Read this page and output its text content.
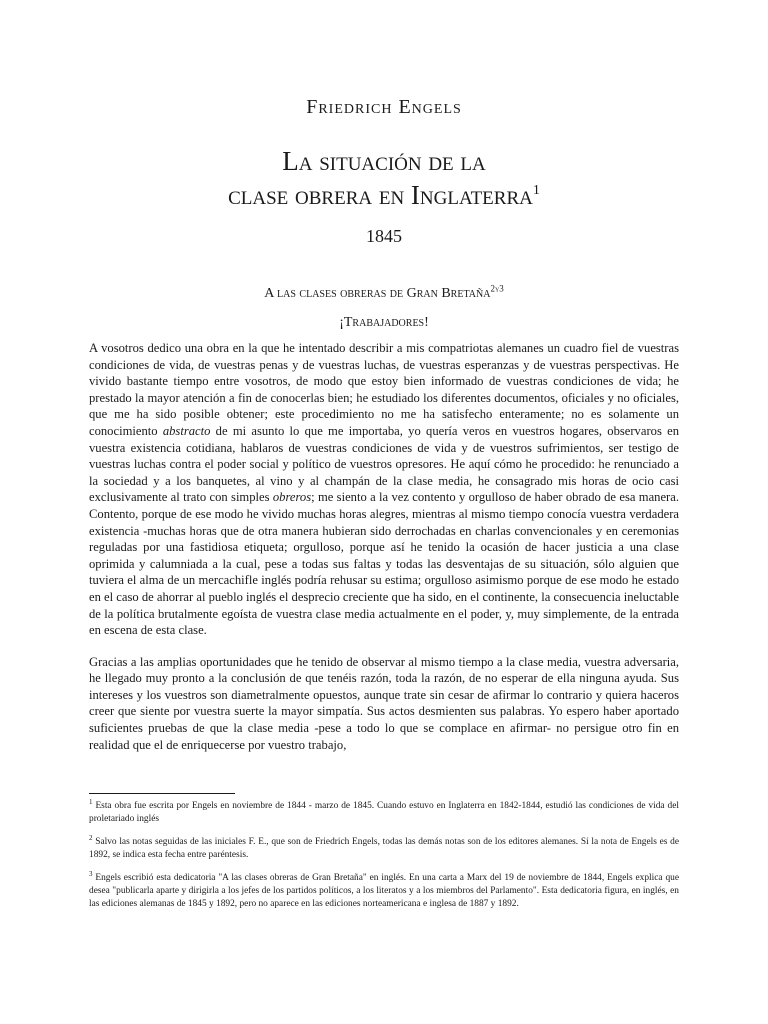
Friedrich Engels
La situación de la
clase obrera en Inglaterra$^1$
1845
A las clases obreras de Gran Bretaña$^{2y3}$
¡Trabajadores!

A vosotros dedico una obra en la que he intentado describir a mis compatriotas alemanes un cuadro fiel de vuestras condiciones de vida, de vuestras penas y de vuestras luchas, de vuestras esperanzas y de vuestras perspectivas. He vivido bastante tiempo entre vosotros, de modo que estoy bien informado de vuestras condiciones de vida; he prestado la mayor atención a fin de conocerlas bien; he estudiado los diferentes documentos, oficiales y no oficiales, que me ha sido posible obtener; este procedimiento no me ha satisfecho enteramente; no es solamente un conocimiento abstracto de mi asunto lo que me importaba, yo quería veros en vuestros hogares, observaros en vuestra existencia cotidiana, hablaros de vuestras condiciones de vida y de vuestros sufrimientos, ser testigo de vuestras luchas contra el poder social y político de vuestros opresores. He aquí cómo he procedido: he renunciado a la sociedad y a los banquetes, al vino y al champán de la clase media, he consagrado mis horas de ocio casi exclusivamente al trato con simples obreros; me siento a la vez contento y orgulloso de haber obrado de esa manera. Contento, porque de ese modo he vivido muchas horas alegres, mientras al mismo tiempo conocía vuestra verdadera existencia -muchas horas que de otra manera hubieran sido derrochadas en charlas convencionales y en ceremonias reguladas por una fastidiosa etiqueta; orgulloso, porque así he tenido la ocasión de hacer justicia a una clase oprimida y calumniada a la cual, pese a todas sus faltas y todas las desventajas de su situación, sólo alguien que tuviera el alma de un mercachifle inglés podría rehusar su estima; orgulloso asimismo porque de ese modo he estado en el caso de ahorrar al pueblo inglés el desprecio creciente que ha sido, en el continente, la consecuencia ineluctable de la política brutalmente egoísta de vuestra clase media actualmente en el poder, y, muy simplemente, de la entrada en escena de esta clase.

Gracias a las amplias oportunidades que he tenido de observar al mismo tiempo a la clase media, vuestra adversaria, he llegado muy pronto a la conclusión de que tenéis razón, toda la razón, de no esperar de ella ninguna ayuda. Sus intereses y los vuestros son diametralmente opuestos, aunque trate sin cesar de afirmar lo contrario y quiera haceros creer que siente por vuestra suerte la mayor simpatía. Sus actos desmienten sus palabras. Yo espero haber aportado suficientes pruebas de que la clase media -pese a todo lo que se complace en afirmar- no persigue otro fin en realidad que el de enriquecerse por vuestro trabajo,

$^1$ Esta obra fue escrita por Engels en noviembre de 1844 - marzo de 1845. Cuando estuvo en Inglaterra en 1842-1844, estudió las condiciones de vida del proletariado inglés

$^2$ Salvo las notas seguidas de las iniciales F. E., que son de Friedrich Engels, todas las demás notas son de los editores alemanes. Si la nota de Engels es de 1892, se indica esta fecha entre paréntesis.

$^3$ Engels escribió esta dedicatoria "A las clases obreras de Gran Bretaña" en inglés. En una carta a Marx del 19 de noviembre de 1844, Engels explica que desea "publicarla aparte y dirigirla a los jefes de los partidos políticos, a los literatos y a los miembros del Parlamento". Esta dedicatoria figura, en inglés, en las ediciones alemanas de 1845 y 1892, pero no aparece en las ediciones norteamericana e inglesa de 1887 y 1892.
